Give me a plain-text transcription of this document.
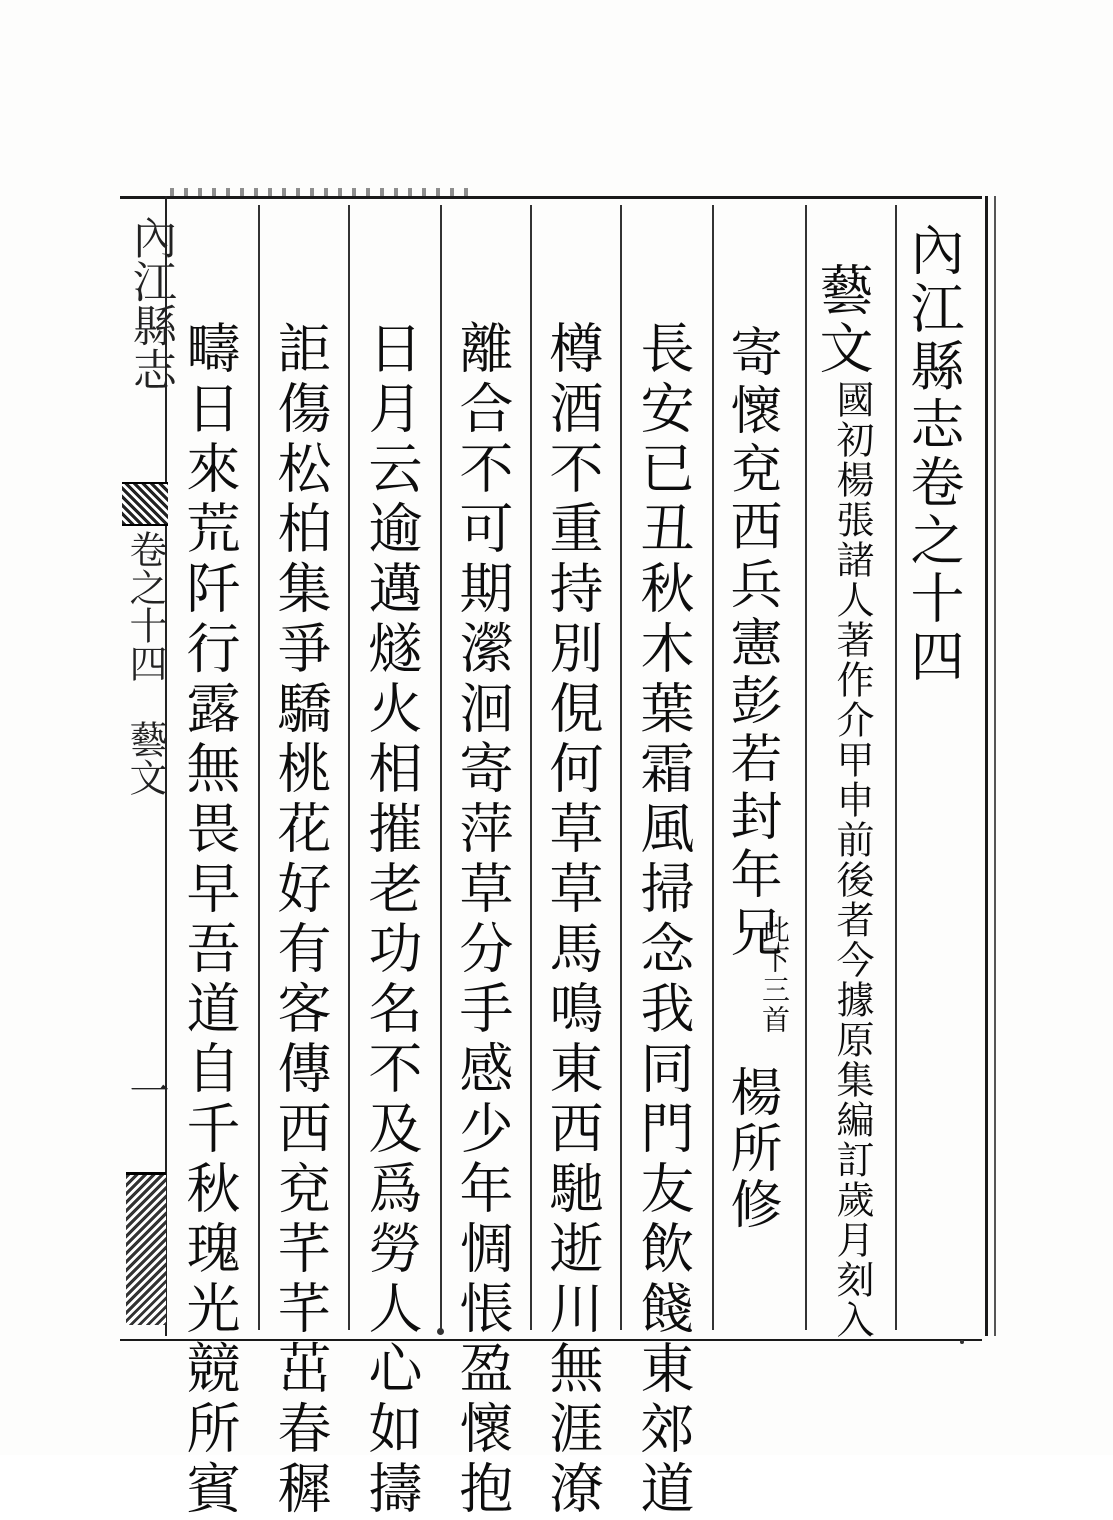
內江縣志卷之十四
藝文
國初楊張諸人著作介甲申前後者今據原集編訂歲月刻入
寄懷兗西兵憲彭若封年兄
此下三首
楊所修
長安已丑秋木葉霜風掃念我同門友飲餞東郊道
樽酒不重持別俔何草草馬鳴東西馳逝川無涯潦
離合不可期瀠洄寄萍草分手感少年惆悵盈懷抱
日月云逾邁燧火相摧老功名不及爲勞人心如擣
詎傷松柏集爭驕桃花好有客傳西兗芊芊茁春穉
疇日來荒阡行露無畏早吾道自千秋瑰光競所賓
內江縣志
卷之十四
藝文
一
